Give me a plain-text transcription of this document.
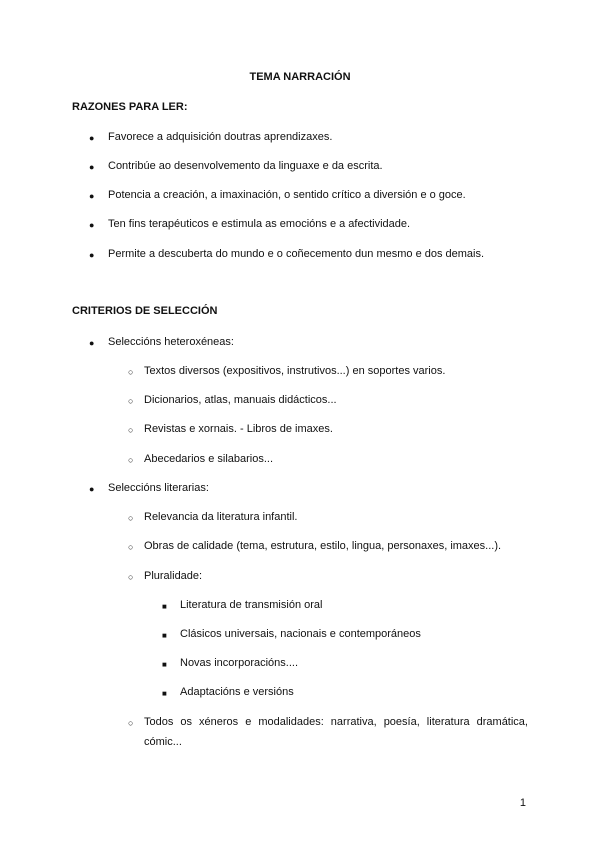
TEMA NARRACIÓN
RAZONES PARA LER:
● Favorece a adquisición doutras aprendizaxes.
● Contribúe ao desenvolvemento da linguaxe e da escrita.
● Potencia a creación, a imaxinación, o sentido crítico a diversión e o goce.
● Ten fins terapéuticos e estimula as emocións e a afectividade.
● Permite a descuberta do mundo e o coñecemento dun mesmo e dos demais.
CRITERIOS DE SELECCIÓN
● Seleccións heteroxéneas:
○ Textos diversos (expositivos, instrutivos...) en soportes varios.
○ Dicionarios, atlas, manuais didácticos...
○ Revistas e xornais. - Libros de imaxes.
○ Abecedarios e silabarios...
● Seleccións literarias:
○ Relevancia da literatura infantil.
○ Obras de calidade (tema, estrutura, estilo, lingua, personaxes, imaxes...).
○ Pluralidade:
■ Literatura de transmisión oral
■ Clásicos universais, nacionais e contemporáneos
■ Novas incorporacións....
■ Adaptacións e versións
○ Todos os xéneros e modalidades: narrativa, poesía, literatura dramática,
cómic...
1
